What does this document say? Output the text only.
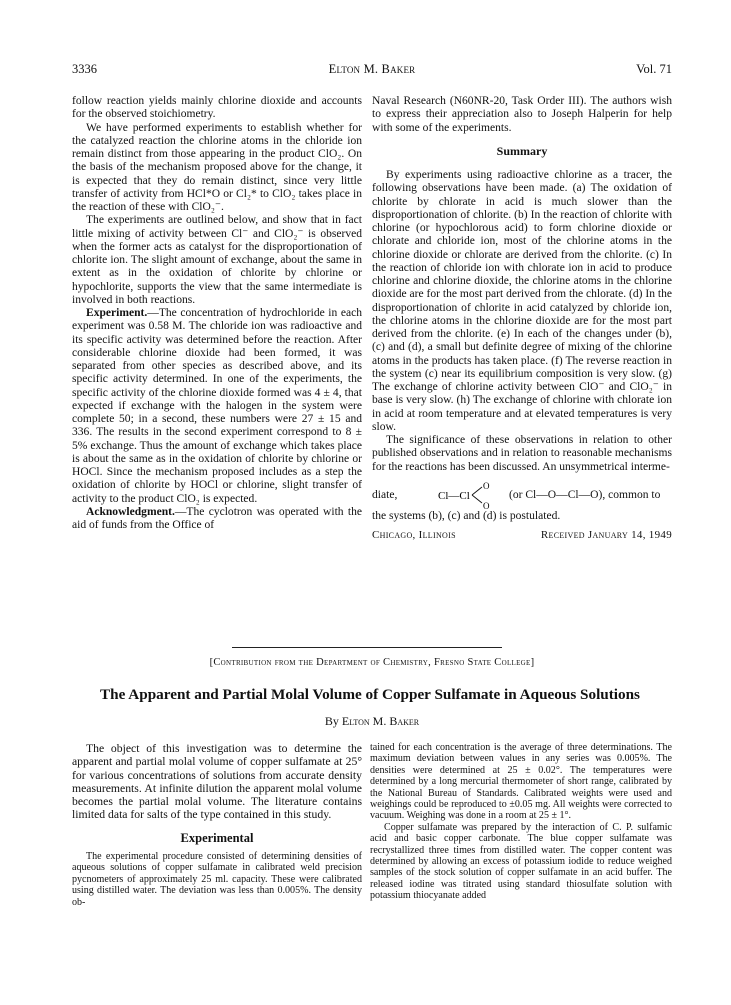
3336	Elton M. Baker	Vol. 71

follow reaction yields mainly chlorine dioxide and accounts for the observed stoichiometry.

We have performed experiments to establish whether for the catalyzed reaction the chlorine atoms in the chloride ion remain distinct from those appearing in the product ClO₂. On the basis of the mechanism proposed above for the change, it is expected that they do remain distinct, since very little transfer of activity from HCl*O or Cl₂* to ClO₂ takes place in the reaction of these with ClO₂⁻.

The experiments are outlined below, and show that in fact little mixing of activity between Cl⁻ and ClO₂⁻ is observed when the former acts as catalyst for the disproportionation of chlorite ion. The slight amount of exchange, about the same in extent as in the oxidation of chlorite by chlorine or hypochlorite, supports the view that the same intermediate is involved in both reactions.

Experiment.—The concentration of hydrochloride in each experiment was 0.58 M. The chloride ion was radioactive and its specific activity was determined before the reaction. After considerable chlorine dioxide had been formed, it was separated from other species as described above, and its specific activity determined. In one of the experiments, the specific activity of the chlorine dioxide formed was 4 ± 4, that expected if exchange with the halogen in the system were complete 50; in a second, these numbers were 27 ± 15 and 336. The results in the second experiment correspond to 8 ± 5% exchange. Thus the amount of exchange which takes place is about the same as in the oxidation of chlorite by chlorine or HOCl. Since the mechanism proposed includes as a step the oxidation of chlorite by HOCl or chlorine, slight transfer of activity to the product ClO₂ is expected.

Acknowledgment.—The cyclotron was operated with the aid of funds from the Office of

Naval Research (N60NR-20, Task Order III). The authors wish to express their appreciation also to Joseph Halperin for help with some of the experiments.

Summary

By experiments using radioactive chlorine as a tracer, the following observations have been made. (a) The oxidation of chlorite by chlorate in acid is much slower than the disproportionation of chlorite. (b) In the reaction of chlorite with chlorine (or hypochlorous acid) to form chlorine dioxide or chlorate and chloride ion, most of the chlorine atoms in the chlorine dioxide or chlorate are derived from the chlorite. (c) In the reaction of chloride ion with chlorate ion in acid to produce chlorine and chlorine dioxide, the chlorine atoms in the chlorine dioxide are for the most part derived from the chlorate. (d) In the disproportionation of chlorite in acid catalyzed by chloride ion, the chlorine atoms in the chlorine dioxide are for the most part derived from the chlorite. (e) In each of the changes under (b), (c) and (d), a small but definite degree of mixing of the chlorine atoms in the products has taken place. (f) The reverse reaction in the system (c) near its equilibrium composition is very slow. (g) The exchange of chlorine activity between ClO⁻ and ClO₂⁻ in base is very slow. (h) The exchange of chlorine with chlorate ion in acid at room temperature and at elevated temperatures is very slow.

The significance of these observations in relation to other published observations and in relation to reasonable mechanisms for the reactions has been discussed. An unsymmetrical interme-

diate,	Cl—Cl
O
O
(or Cl—O—Cl—O), common to

the systems (b), (c) and (d) is postulated.

Chicago, Illinois	Received January 14, 1949
[Contribution from the Department of Chemistry, Fresno State College]
The Apparent and Partial Molal Volume of Copper Sulfamate in Aqueous Solutions
By Elton M. Baker

The object of this investigation was to determine the apparent and partial molal volume of copper sulfamate at 25° for various concentrations of solutions from accurate density measurements. At infinite dilution the apparent molal volume becomes the partial molal volume. The literature contains limited data for salts of the type contained in this study.

Experimental

The experimental procedure consisted of determining densities of aqueous solutions of copper sulfamate in calibrated weld precision pycnometers of approximately 25 ml. capacity. These were calibrated using distilled water. The deviation was less than 0.005%. The density ob-

tained for each concentration is the average of three determinations. The maximum deviation between values in any series was 0.005%. The densities were determined at 25 ± 0.02°. The temperatures were determined by a long mercurial thermometer of short range, calibrated by the National Bureau of Standards. Calibrated weights were used and weighings could be reproduced to ±0.05 mg. All weights were corrected to vacuum. Weighing was done in a room at 25 ± 1°.

Copper sulfamate was prepared by the interaction of C. P. sulfamic acid and basic copper carbonate. The blue copper sulfamate was recrystallized three times from distilled water. The copper content was determined by allowing an excess of potassium iodide to reduce weighed samples of the stock solution of copper sulfamate in an acid buffer. The released iodine was titrated using standard thiosulfate solution with potassium thiocyanate added
